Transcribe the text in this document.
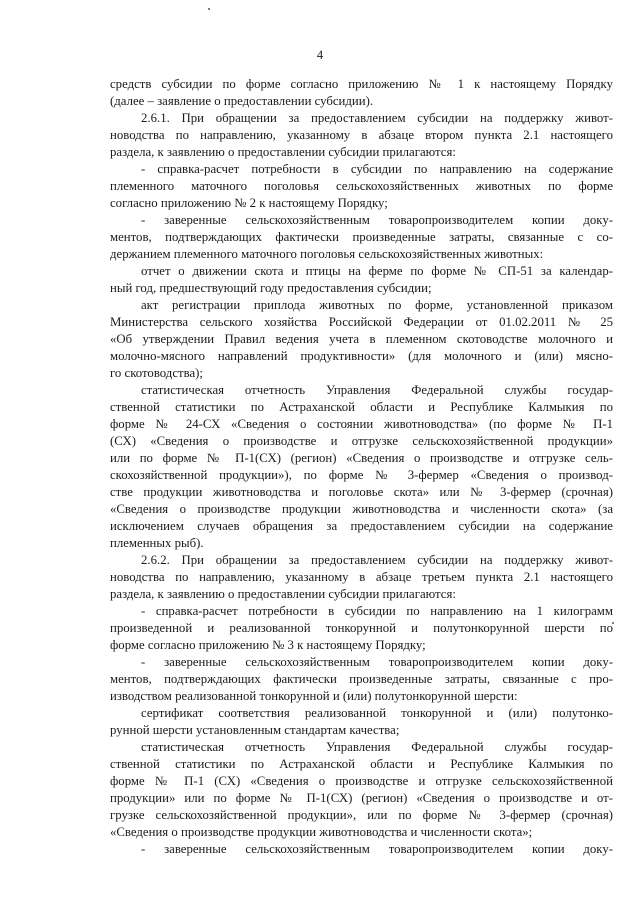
4
средств субсидии по форме согласно приложению № 1 к настоящему Порядку
(далее – заявление о предоставлении субсидии).
2.6.1. При обращении за предоставлением субсидии на поддержку живот-
новодства по направлению, указанному в абзаце втором пункта 2.1 настоящего
раздела, к заявлению о предоставлении субсидии прилагаются:
- справка-расчет потребности в субсидии по направлению на содержание
племенного маточного поголовья сельскохозяйственных животных по форме
согласно приложению № 2 к настоящему Порядку;
- заверенные сельскохозяйственным товаропроизводителем копии доку-
ментов, подтверждающих фактически произведенные затраты, связанные с со-
держанием племенного маточного поголовья сельскохозяйственных животных:
отчет о движении скота и птицы на ферме по форме № СП-51 за календар-
ный год, предшествующий году предоставления субсидии;
акт регистрации приплода животных по форме, установленной приказом
Министерства сельского хозяйства Российской Федерации от 01.02.2011 № 25
«Об утверждении Правил ведения учета в племенном скотоводстве молочного и
молочно-мясного направлений продуктивности» (для молочного и (или) мясно-
го скотоводства);
статистическая отчетность Управления Федеральной службы государ-
ственной статистики по Астраханской области и Республике Калмыкия по
форме № 24-СХ «Сведения о состоянии животноводства» (по форме № П-1
(СХ) «Сведения о производстве и отгрузке сельскохозяйственной продукции»
или по форме № П-1(СХ) (регион) «Сведения о производстве и отгрузке сель-
скохозяйственной продукции»), по форме № 3-фермер «Сведения о производ-
стве продукции животноводства и поголовье скота» или № 3-фермер (срочная)
«Сведения о производстве продукции животноводства и численности скота» (за
исключением случаев обращения за предоставлением субсидии на содержание
племенных рыб).
2.6.2. При обращении за предоставлением субсидии на поддержку живот-
новодства по направлению, указанному в абзаце третьем пункта 2.1 настоящего
раздела, к заявлению о предоставлении субсидии прилагаются:
- справка-расчет потребности в субсидии по направлению на 1 килограмм
произведенной и реализованной тонкорунной и полутонкорунной шерсти по
форме согласно приложению № 3 к настоящему Порядку;
- заверенные сельскохозяйственным товаропроизводителем копии доку-
ментов, подтверждающих фактически произведенные затраты, связанные с про-
изводством реализованной тонкорунной и (или) полутонкорунной шерсти:
сертификат соответствия реализованной тонкорунной и (или) полутонко-
рунной шерсти установленным стандартам качества;
статистическая отчетность Управления Федеральной службы государ-
ственной статистики по Астраханской области и Республике Калмыкия по
форме № П-1 (СХ) «Сведения о производстве и отгрузке сельскохозяйственной
продукции» или по форме № П-1(СХ) (регион) «Сведения о производстве и от-
грузке сельскохозяйственной продукции», или по форме № 3-фермер (срочная)
«Сведения о производстве продукции животноводства и численности скота»;
- заверенные сельскохозяйственным товаропроизводителем копии доку-
